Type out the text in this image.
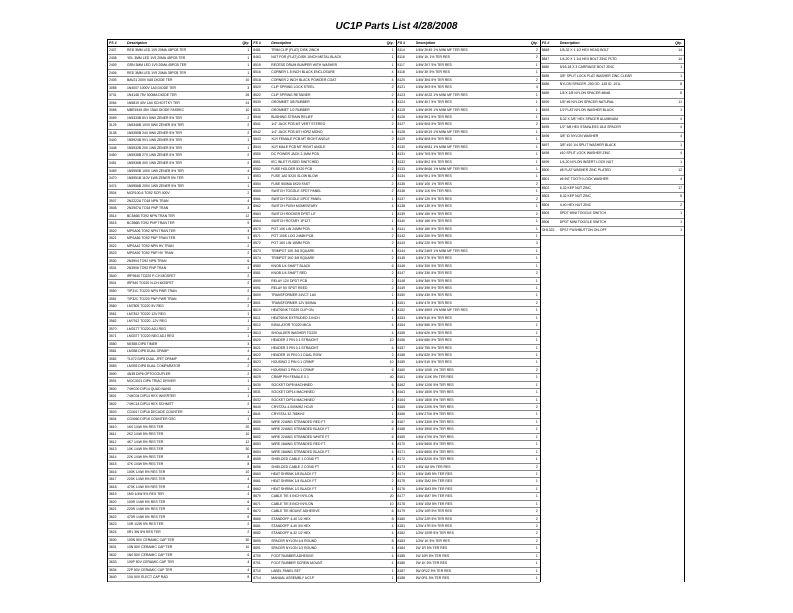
UC1P Parts List 4/28/2008
FS #	Description	Qty.
2407	RED 3MM LED 1V9 20MA 45PCB TER	1
2408	YEL 3MM LED 1V9 20MA 45PCB TER	1
2409	GRN 3MM LED 1V9 20MA 45PCB TER	1
2406	RED 3MM LED 1V9 20MA 35PCB TER	1
2405	BAV21 200V 0A5 DIODE TER	10
3055	1N4007 1000V 1A0 DIODE TER	3
3731	1N4148 75V 300MA DIODE TER	26
3054	1N5819 40V 1A0 SCHOTTKY TER	24
3065	MBR1545 45V 15A0 DIODE FASREC	10
3069	1N5333B 5V1 5W0 ZENER 5% TER	2
3125	1N5346B 10V0 5W0 ZENER 5% TER	2
3138	1N5359B 24V 5W0 ZENER 5% TER	2
3440	1N5924B 9V1 1W5 ZENER 5% TER	1
3448	1N5932B 20V 1W5 ZENER 5% TER	1
3450	1N5935B 27V 1W5 ZENER 5% TER	2
3451	1N5936B 30V 1W5 ZENER 5% TER	2
3469	1N5950B 100V 1W5 ZENER 5% TER	4
3470	1N5951B 110V 1W5 ZENER 5% TER	1
3474	1N5956B 200V 1W5 ZENER 5% TER	1
3504	MCR100-6 TO92 SCR 400V	2
3507	2N2222A TO18 NPN TRAN	4
3508	2N2907A TO18 PNP TRAN	3
3514	BC546B TO92 NPN TRAN TER	12
3515	BC556B TO92 PNP TRAN TER	9
3520	MPSA06 TO92 NPN TRAN TER	3
3521	MPSA56 TO92 PNP TRAN TER	3
3522	MPSA42 TO92 NPN HV TRAN	2
3523	MPSA92 TO92 PNP HV TRAN	2
3530	2N3904 TO92 NPN TRAN	6
3531	2N3906 TO92 PNP TRAN	4
3540	IRF9540 TO220 P-CH MOSFET	2
3541	IRF540 TO220 N-CH MOSFET	2
3550	TIP31C TO220 NPN PWR TRAN	2
3551	TIP32C TO220 PNP PWR TRAN	2
3560	LM7805 TO220 5V REG	2
3561	LM7812 TO220 12V REG	1
3562	LM7912 TO220 -12V REG	1
3570	LM317T TO220 ADJ REG	2
3571	LM337T TO220 NEG ADJ REG	1
3580	NE555 DIP8 TIMER	3
3581	LM358 DIP8 DUAL OPAMP	4
3582	TL072 DIP8 DUAL JFET OPAMP	4
3583	LM393 DIP8 DUAL COMPARATOR	2
3590	4N35 DIP6 OPTOCOUPLER	2
3591	MOC3021 DIP6 TRIAC DRIVER	1
3600	74HC00 DIP14 QUAD NAND	1
3601	74HC04 DIP14 HEX INVERTER	1
3602	74HC14 DIP14 HEX SCHMITT	2
3603	CD4017 DIP16 DECADE COUNTER	1
3604	CD4060 DIP16 COUNTER OSC	1
3610	1K0 1/4W 5% RES TER	20
3611	2K2 1/4W 5% RES TER	10
3612	4K7 1/4W 5% RES TER	12
3613	10K 1/4W 5% RES TER	30
3614	22K 1/4W 5% RES TER	8
3615	47K 1/4W 5% RES TER	8
3616	100K 1/4W 5% RES TER	10
3617	220K 1/4W 5% RES TER	4
3618	470K 1/4W 5% RES TER	4
3619	1M0 1/4W 5% RES TER	4
3620	100R 1/4W 5% RES TER	6
3621	220R 1/4W 5% RES TER	6
3622	470R 1/4W 5% RES TER	6
3623	10R 1/2W 5% RES TER	2
3624	0R1 3W 5% RES TER	2
3630	100N 50V CERAMIC CAP TER	30
3631	10N 50V CERAMIC CAP TER	10
3632	1N0 50V CERAMIC CAP TER	6
3633	100P 50V CERAMIC CAP TER	4
3634	22P 50V CERAMIC CAP TER	4
3640	10U 50V ELECT CAP RAD	8
FS #	Description	Qty.
8481	TRIM CLIP (FLAT) DISK 2INCH	1
8463	NUT FOR (FLAT) DISK 1INCH METAL BLACK	1
8515	RECESS DRUM BUMPER WITH WASHER	1
8516	CORNER 1.5 INCH BLACK ENCLOSURE	4
8518	CORNER 2 INCH BLACK POWDER COAT	4
8520	CLIP SPRING LOCK STEEL	2
8522	CLIP SPRING RETAINER	2
8530	GROMMET 3/8 RUBBER	4
8531	GROMMET 1/2 RUBBER	4
8540	BUSHING STRAIN RELIEF	2
8541	1/4" JACK PCB MT VERT STEREO	2
8542	1/4" JACK PCB MT HORZ MONO	4
8543	XLR FEMALE PCB MT RIGHT ANGLE	2
8544	XLR MALE PCB MT RIGHT ANGLE	2
8550	DC POWER JACK 2.1MM PCB	1
8551	IEC INLET FUSED SWITCHED	1
8552	FUSE HOLDER 5X20 PCB	2
8553	FUSE 1A0 5X20 SLOW BLOW	2
8554	FUSE 500MA 5X20 FAST	2
8560	SWITCH TOGGLE SPDT PANEL	2
8561	SWITCH TOGGLE DPDT PANEL	1
8562	SWITCH PUSH MOMENTARY	4
8563	SWITCH ROCKER DPST LIT	1
8564	SWITCH ROTARY 1P12T	1
8570	POT 10K LIN 24MM PCB	4
8571	POT 100K LOG 24MM PCB	2
8572	POT 1K0 LIN 16MM PCB	2
8573	TRIMPOT 10K 3/8 SQUARE	4
8574	TRIMPOT 1K0 3/8 SQUARE	2
8580	KNOB 1/4 SHAFT BLACK	6
8581	KNOB 1/4 SHAFT RED	2
8590	RELAY 12V DPDT PCB	2
8591	RELAY 5V SPDT REED	2
8600	TRANSFORMER 24VCT 1A0	1
8601	TRANSFORMER 12V 500MA	1
8610	HEATSINK TO220 CLIP ON	4
8611	HEATSINK EXTRUDED 3 INCH	1
8612	INSULATOR TO220 MICA	4
8613	SHOULDER WASHER TO220	4
8620	HEADER 2 PIN 0.1 STRAIGHT	10
8621	HEADER 3 PIN 0.1 STRAIGHT	6
8622	HEADER 10 PIN 0.1 DUAL ROW	2
8623	HOUSING 2 PIN 0.1 CRIMP	10
8624	HOUSING 3 PIN 0.1 CRIMP	6
8625	CRIMP PIN FEMALE 0.1	40
8630	SOCKET DIP8 MACHINED	6
8631	SOCKET DIP14 MACHINED	3
8632	SOCKET DIP16 MACHINED	2
8640	CRYSTAL 4.000MHZ HC49	1
8641	CRYSTAL 32.768KHZ	1
8650	WIRE 22AWG STRANDED RED FT	6
8651	WIRE 22AWG STRANDED BLACK FT	6
8652	WIRE 22AWG STRANDED WHITE FT	6
8653	WIRE 18AWG STRANDED RED FT	4
8654	WIRE 18AWG STRANDED BLACK FT	4
8655	SHIELDED CABLE 1 COND FT	4
8656	SHIELDED CABLE 2 COND FT	4
8660	HEAT SHRINK 1/8 BLACK FT	2
8661	HEAT SHRINK 1/4 BLACK FT	2
8662	HEAT SHRINK 1/2 BLACK FT	1
8670	CABLE TIE 4 INCH NYLON	20
8671	CABLE TIE 8 INCH NYLON	10
8672	CABLE TIE MOUNT ADHESIVE	6
8680	STANDOFF 4-40 1/2 HEX	8
8681	STANDOFF 4-40 3/4 HEX	4
8682	STANDOFF 6-32 1/2 HEX	4
8690	SPACER NYLON 1/4 ROUND	8
8691	SPACER NYLON 1/2 ROUND	4
8700	FOOT RUBBER ADHESIVE	4
8701	FOOT RUBBER SCREW MOUNT	4
8710	LABEL PANEL SET	1
8714	MANUAL ASSEMBLY UC1P	1
FS #	Description	Qty.
8114	1/4W 2K49 1% MINI MF TER RES	2
8116	1/4W 1K 1% TER RES	2
8117	1/4W 2K7 5% TER RES	1
8118	1/4W 3K 5% TER RES	1
8120	1/4W 3K6 5% TER RES	2
8121	1/4W 3K9 5% TER RES	4
8123	1/4W 4K32 1% MINI MF TER RES	1
8124	1/4W 4K7 5% TER RES	1
8125	1/4W 4K99 1% MINI MF TER RES	1
8126	1/4W 5K1 5% TER RES	1
8127	1/4W 5K6 5% TER RES	2
8128	1/4W 6K19 1% MINI MF TER RES	1
8129	1/4W 6K8 5% TER RES	1
8130	1/4W 6K81 1% MINI MF TER RES	1
8131	1/4W 7K5 5% TER RES	1
8132	1/4W 8K2 5% TER RES	1
8133	1/4W 8K66 1% MINI MF TER RES	1
8134	1/4W 9K1 5% TER RES	1
8135	1/4W 10K 1% TER RES	2
8136	1/4W 11K 5% TER RES	1
8137	1/4W 12K 5% TER RES	2
8138	1/4W 13K 5% TER RES	1
8139	1/4W 15K 5% TER RES	2
8140	1/4W 16K 5% TER RES	1
8141	1/4W 18K 5% TER RES	1
8142	1/4W 20K 5% TER RES	1
8143	1/4W 22K 5% TER RES	3
8144	1/4W 24K9 1% MINI MF TER RES	1
8145	1/4W 27K 5% TER RES	1
8146	1/4W 30K 5% TER RES	1
8147	1/4W 33K 5% TER RES	2
8148	1/4W 36K 5% TER RES	1
8149	1/4W 39K 5% TER RES	1
8150	1/4W 43K 5% TER RES	1
8151	1/4W 47K 5% TER RES	2
8152	1/4W 49K9 1% MINI MF TER RES	1
8153	1/4W 51K 5% TER RES	1
8154	1/4W 56K 5% TER RES	1
8155	1/4W 62K 5% TER RES	1
8156	1/4W 68K 5% TER RES	1
8157	1/4W 75K 5% TER RES	1
8158	1/4W 82K 5% TER RES	1
8159	1/4W 91K 5% TER RES	1
8160	1/4W 100K 1% TER RES	2
8161	1/4W 110K 5% TER RES	1
8162	1/4W 120K 5% TER RES	1
8163	1/4W 150K 5% TER RES	1
8164	1/4W 180K 5% TER RES	1
8165	1/4W 220K 5% TER RES	2
8166	1/4W 270K 5% TER RES	1
8167	1/4W 330K 5% TER RES	1
8168	1/4W 390K 5% TER RES	1
8169	1/4W 470K 5% TER RES	1
8170	1/4W 560K 5% TER RES	1
8171	1/4W 680K 5% TER RES	1
8172	1/4W 820K 5% TER RES	1
8173	1/4W 1M 5% TER RES	2
8174	1/4W 1M5 5% TER RES	1
8175	1/4W 2M2 5% TER RES	1
8176	1/4W 3M3 5% TER RES	1
8177	1/4W 4M7 5% TER RES	1
8178	1/4W 10M 5% TER RES	1
8179	1/2W 10R 5% TER RES	2
8180	1/2W 22R 5% TER RES	2
8181	1/2W 47R 5% TER RES	2
8182	1/2W 100R 5% TER RES	2
8183	1/2W 1K 5% TER RES	2
8184	1W 1R 5% TER RES	1
8185	1W 10R 5% TER RES	1
8186	2W 1K 5% TER RES	1
8187	3W 0R22 5% TER RES	1
8188	5W 0R1 5% TER RES	1
FS #	Description	Qty.
8848	1/8-32 X 1 1/2 HEX HEAD BOLT	14
8847	1/4-20 X 1 1/4 HEX BOLT ZINC PLTD	14
8480	5/16-18 X 3 CARRIAGE BOLT ZINC	1
8485	3/8" SPLIT LOCK FLAT WASHER ZINC CLEAR	1
8486	NYLON SPACER .250 OD .145 ID .101L	8
8489	1/8 X 1/8 NYLON SPACER #6/#8	8
8490	1/8" #6 NYLON SPACER NATURAL	11
8493	1/2 FLAT NYLON WASHER BLACK	1
8494	8-32 X 3/8" HEX SPACER ALUMINUM	4
8495	1/2" 5/8 HEX STAINLESS 18-8 SPACER	4
8496	3/8" ID NYLON WASHER	4
8497	3/8" #10 1/4 SPLIT WASHER BLACK	1
8498	#10 SPLIT LOCK WASHER ZINC	4
8499	1/4-20 NYLON INSERT LOCK NUT	1
8500	#8 FLAT WASHER ZINC PLATED	12
8501	#6 INT TOOTH LOCK WASHER	4
8502	6-32 KEP NUT ZINC	17
8503	8-32 KEP NUT ZINC	5
8504	4-40 HEX NUT ZINC	2
8505	SPDT MINI TOGGLE SWITCH	1
8506	DPDT MINI TOGGLE SWITCH	1
OH1322	SPST PUSHBUTTON ON-OFF	1
